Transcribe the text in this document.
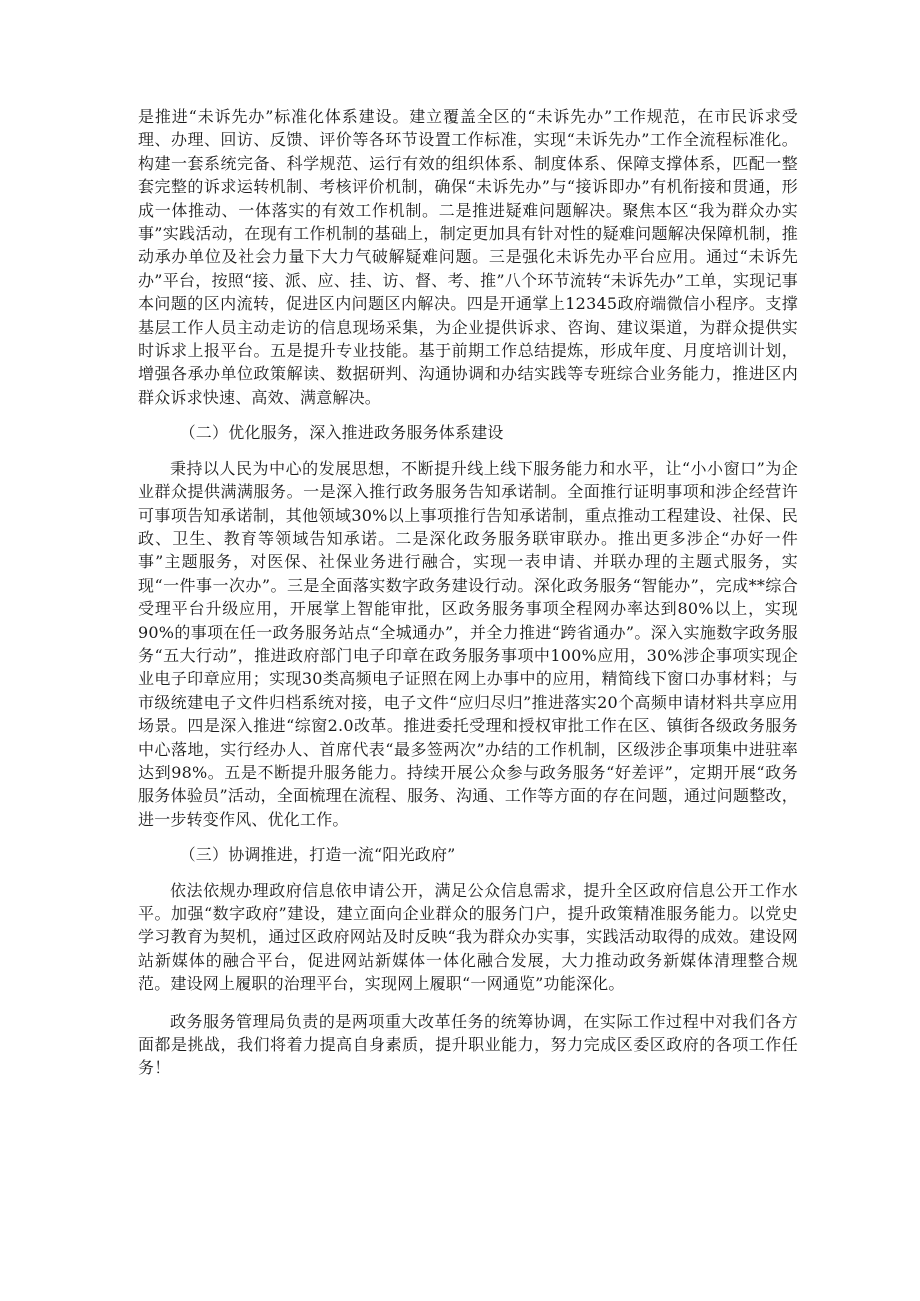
是推进“未诉先办”标准化体系建设。建立覆盖全区的“未诉先办”工作规范，在市民诉求受理、办理、回访、反馈、评价等各环节设置工作标准，实现“未诉先办”工作全流程标准化。构建一套系统完备、科学规范、运行有效的组织体系、制度体系、保障支撑体系，匹配一整套完整的诉求运转机制、考核评价机制，确保“未诉先办”与“接诉即办”有机衔接和贯通，形成一体推动、一体落实的有效工作机制。二是推进疑难问题解决。聚焦本区“我为群众办实事”实践活动，在现有工作机制的基础上，制定更加具有针对性的疑难问题解决保障机制，推动承办单位及社会力量下大力气破解疑难问题。三是强化未诉先办平台应用。通过“未诉先办”平台，按照“接、派、应、挂、访、督、考、推”八个环节流转“未诉先办”工单，实现记事本问题的区内流转，促进区内问题区内解决。四是开通掌上12345政府端微信小程序。支撑基层工作人员主动走访的信息现场采集，为企业提供诉求、咨询、建议渠道，为群众提供实时诉求上报平台。五是提升专业技能。基于前期工作总结提炼，形成年度、月度培训计划，增强各承办单位政策解读、数据研判、沟通协调和办结实践等专班综合业务能力，推进区内群众诉求快速、高效、满意解决。

（二）优化服务，深入推进政务服务体系建设

秉持以人民为中心的发展思想，不断提升线上线下服务能力和水平，让“小小窗口”为企业群众提供满满服务。一是深入推行政务服务告知承诺制。全面推行证明事项和涉企经营许可事项告知承诺制，其他领域30%以上事项推行告知承诺制，重点推动工程建设、社保、民政、卫生、教育等领域告知承诺。二是深化政务服务联审联办。推出更多涉企“办好一件事”主题服务，对医保、社保业务进行融合，实现一表申请、并联办理的主题式服务，实现“一件事一次办”。三是全面落实数字政务建设行动。深化政务服务“智能办”，完成**综合受理平台升级应用，开展掌上智能审批，区政务服务事项全程网办率达到80%以上，实现90%的事项在任一政务服务站点“全城通办”，并全力推进“跨省通办”。深入实施数字政务服务“五大行动”，推进政府部门电子印章在政务服务事项中100%应用，30%涉企事项实现企业电子印章应用；实现30类高频电子证照在网上办事中的应用，精简线下窗口办事材料；与市级统建电子文件归档系统对接，电子文件“应归尽归”推进落实20个高频申请材料共享应用场景。四是深入推进“综窗2.0改革。推进委托受理和授权审批工作在区、镇街各级政务服务中心落地，实行经办人、首席代表“最多签两次”办结的工作机制，区级涉企事项集中进驻率达到98%。五是不断提升服务能力。持续开展公众参与政务服务“好差评”，定期开展“政务服务体验员”活动，全面梳理在流程、服务、沟通、工作等方面的存在问题，通过问题整改，进一步转变作风、优化工作。

（三）协调推进，打造一流“阳光政府”

依法依规办理政府信息依申请公开，满足公众信息需求，提升全区政府信息公开工作水平。加强“数字政府”建设，建立面向企业群众的服务门户，提升政策精准服务能力。以党史学习教育为契机，通过区政府网站及时反映“我为群众办实事，实践活动取得的成效。建设网站新媒体的融合平台，促进网站新媒体一体化融合发展，大力推动政务新媒体清理整合规范。建设网上履职的治理平台，实现网上履职“一网通览”功能深化。

政务服务管理局负责的是两项重大改革任务的统筹协调，在实际工作过程中对我们各方面都是挑战，我们将着力提高自身素质，提升职业能力，努力完成区委区政府的各项工作任务！
